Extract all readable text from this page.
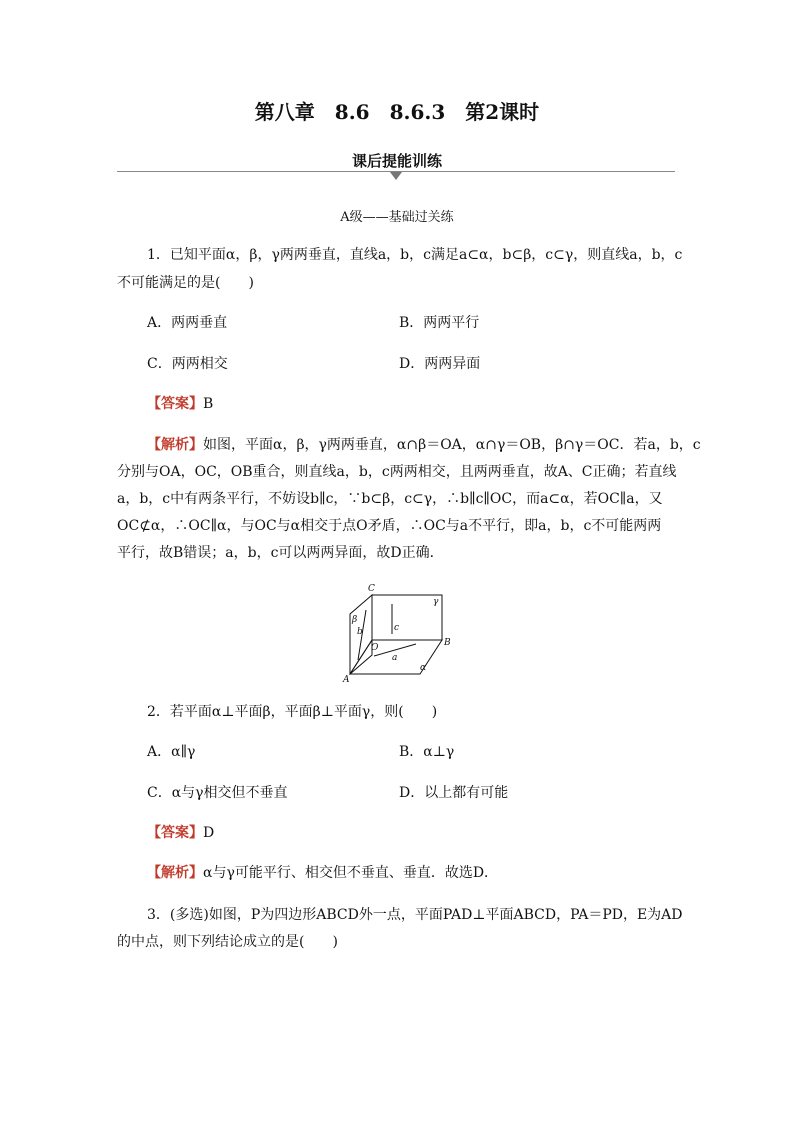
第八章　8.6　8.6.3　第2课时
课后提能训练
A级——基础过关练
1．已知平面α，β，γ两两垂直，直线a，b，c满足a⊂α，b⊂β，c⊂γ，则直线a，b，c
不可能满足的是(　　)
A．两两垂直	B．两两平行
C．两两相交	D．两两异面
【答案】B
【解析】如图，平面α，β，γ两两垂直，α∩β＝OA，α∩γ＝OB，β∩γ＝OC．若a，b，c
分别与OA，OC，OB重合，则直线a，b，c两两相交，且两两垂直，故A、C正确；若直线
a，b，c中有两条平行，不妨设b∥c，∵b⊂β，c⊂γ，∴b∥c∥OC，而a⊂α，若OC∥a，又
OC⊄α，∴OC∥α，与OC与α相交于点O矛盾，∴OC与a不平行，即a，b，c不可能两两
平行，故B错误；a，b，c可以两两异面，故D正确．
C
γ
β
b	c
O	B
α
a
A
2．若平面α⊥平面β，平面β⊥平面γ，则(　　)
A．α∥γ	B．α⊥γ
C．α与γ相交但不垂直	D．以上都有可能
【答案】D
【解析】α与γ可能平行、相交但不垂直、垂直．故选D．
3．(多选)如图，P为四边形ABCD外一点，平面PAD⊥平面ABCD，PA＝PD，E为AD
的中点，则下列结论成立的是(　　)
